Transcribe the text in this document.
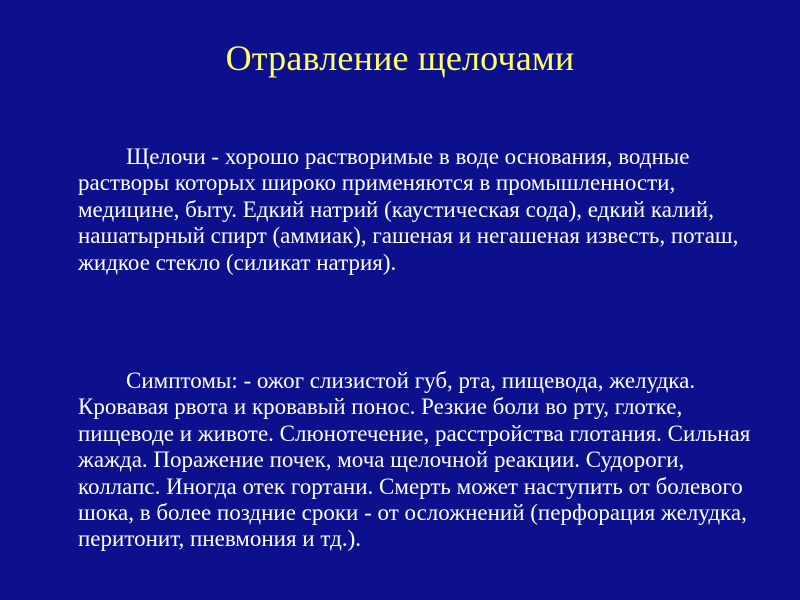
Отравление щелочами

Щелочи - хорошо растворимые в воде основания, водные растворы которых широко применяются в промышленности, медицине, быту. Едкий натрий (каустическая сода), едкий калий, нашатырный спирт (аммиак), гашеная и негашеная известь, поташ, жидкое стекло (силикат натрия).

Симптомы: - ожог слизистой губ, рта, пищевода, желудка. Кровавая рвота и кровавый понос. Резкие боли во рту, глотке, пищеводе и животе. Слюнотечение, расстройства глотания. Сильная жажда. Поражение почек, моча щелочной реакции. Судороги, коллапс. Иногда отек гортани. Смерть может наступить от болевого шока, в более поздние сроки - от осложнений (перфорация желудка, перитонит, пневмония и тд.).
